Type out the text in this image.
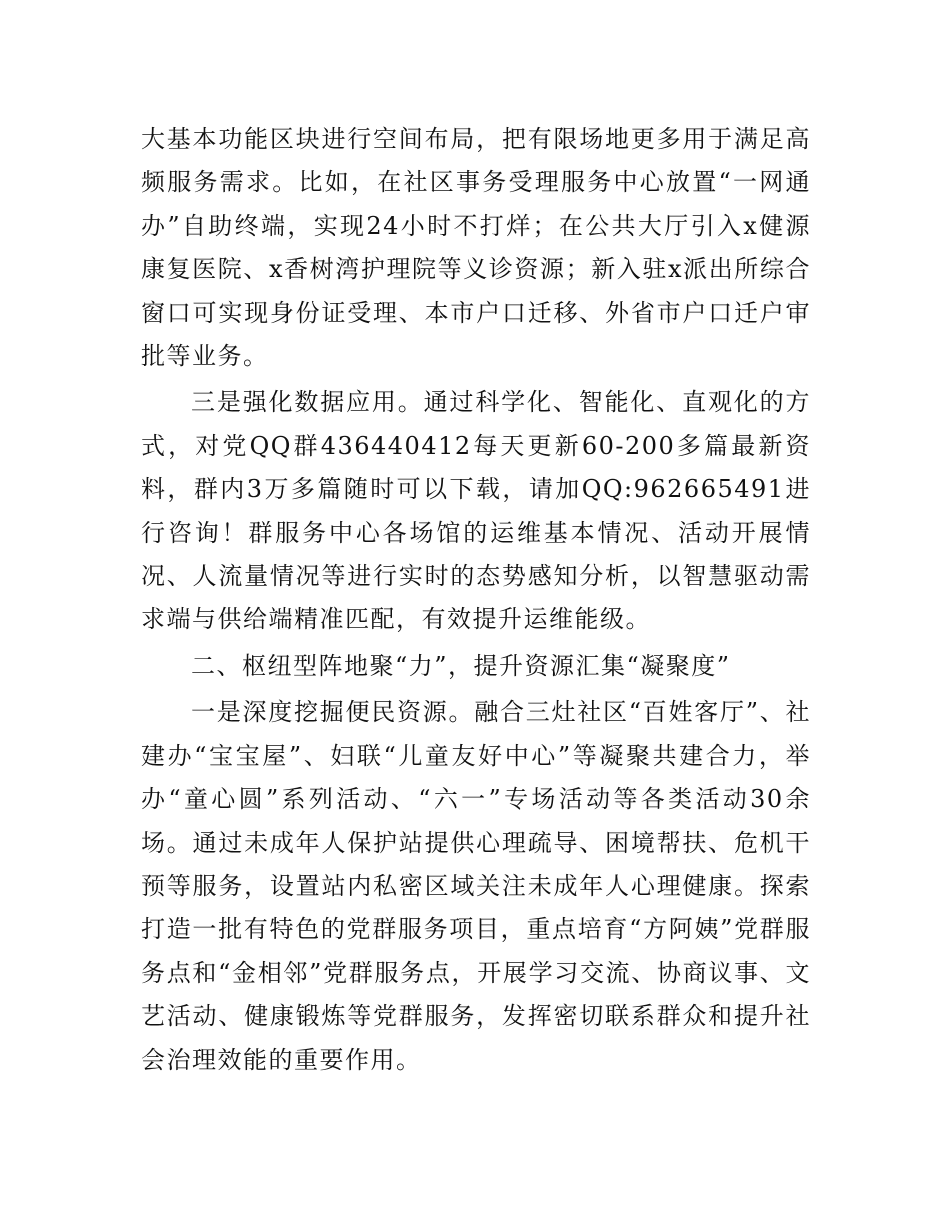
大基本功能区块进行空间布局，把有限场地更多用于满足高频服务需求。比如，在社区事务受理服务中心放置“一网通办”自助终端，实现24小时不打烊；在公共大厅引入x健源康复医院、x香树湾护理院等义诊资源；新入驻x派出所综合窗口可实现身份证受理、本市户口迁移、外省市户口迁户审批等业务。

三是强化数据应用。通过科学化、智能化、直观化的方式，对党QQ群436440412每天更新60-200多篇最新资料，群内3万多篇随时可以下载，请加QQ:962665491进行咨询！群服务中心各场馆的运维基本情况、活动开展情况、人流量情况等进行实时的态势感知分析，以智慧驱动需求端与供给端精准匹配，有效提升运维能级。

二、枢纽型阵地聚“力”，提升资源汇集“凝聚度”

一是深度挖掘便民资源。融合三灶社区“百姓客厅”、社建办“宝宝屋”、妇联“儿童友好中心”等凝聚共建合力，举办“童心圆”系列活动、“六一”专场活动等各类活动30余场。通过未成年人保护站提供心理疏导、困境帮扶、危机干预等服务，设置站内私密区域关注未成年人心理健康。探索打造一批有特色的党群服务项目，重点培育“方阿姨”党群服务点和“金相邻”党群服务点，开展学习交流、协商议事、文艺活动、健康锻炼等党群服务，发挥密切联系群众和提升社会治理效能的重要作用。
